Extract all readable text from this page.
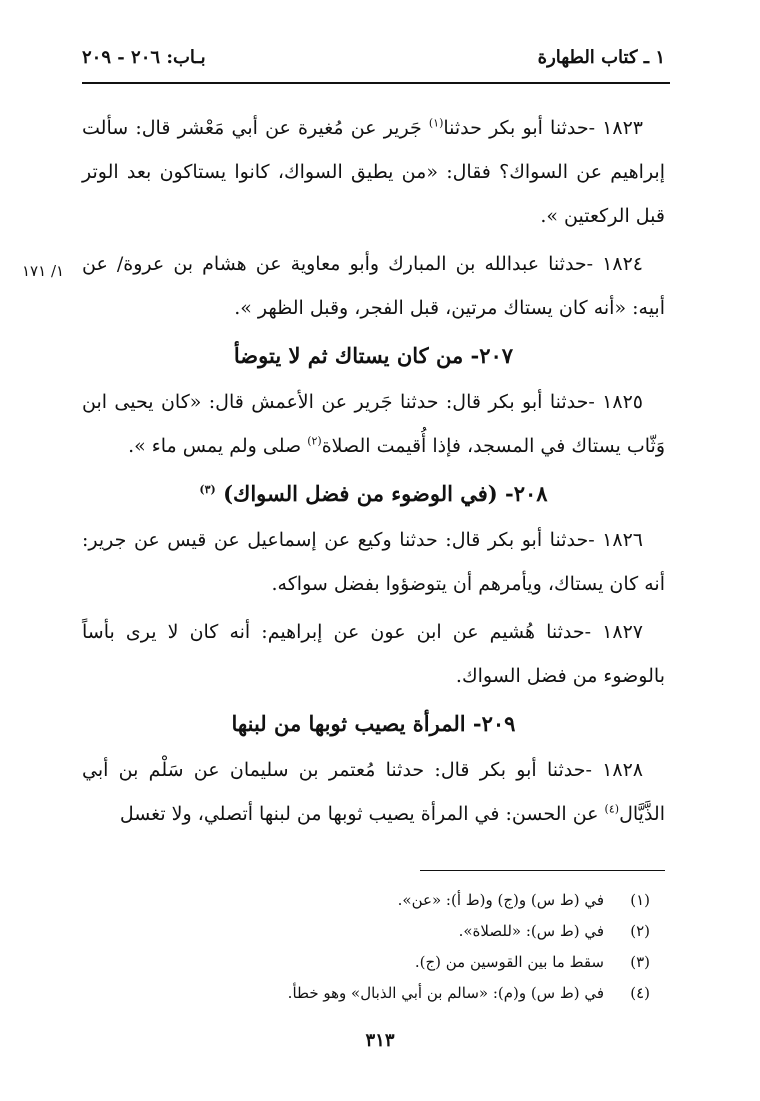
١ ـ كتاب الطهارة
بـاب: ٢٠٦ - ٢٠٩
١/ ١٧١

١٨٢٣ -حدثنا أبو بكر حدثنا$^{(١)}$ جَرير عن مُغيرة عن أبي مَعْشر قال: سألت إبراهيم عن السواك؟ فقال: «من يطيق السواك، كانوا يستاكون بعد الوتر قبل الركعتين ».

١٨٢٤ -حدثنا عبدالله بن المبارك وأبو معاوية عن هشام بن عروة/ عن أبيه: «أنه كان يستاك مرتين، قبل الفجر، وقبل الظهر ».

٢٠٧- من كان يستاك ثم لا يتوضأ

١٨٢٥ -حدثنا أبو بكر قال: حدثنا جَرير عن الأعمش قال: «كان يحيى ابن وَثّاب يستاك في المسجد، فإذا أُقيمت الصلاة$^{(٢)}$ صلى ولم يمس ماء ».

٢٠٨- (في الوضوء من فضل السواك) $^{(٣)}$

١٨٢٦ -حدثنا أبو بكر قال: حدثنا وكيع عن إسماعيل عن قيس عن جرير: أنه كان يستاك، ويأمرهم أن يتوضؤوا بفضل سواكه.

١٨٢٧ -حدثنا هُشيم عن ابن عون عن إبراهيم: أنه كان لا يرى بأساً بالوضوء من فضل السواك.

٢٠٩- المرأة يصيب ثوبها من لبنها

١٨٢٨ -حدثنا أبو بكر قال: حدثنا مُعتمر بن سليمان عن سَلْم بن أبي الذَّيَّال$^{(٤)}$ عن الحسن: في المرأة يصيب ثوبها من لبنها أتصلي، ولا تغسل

(١)
في (ط س) و(ج) و(ط أ): «عن».
(٢)
في (ط س): «للصلاة».
(٣)
سقط ما بين القوسين من (ج).
(٤)
في (ط س) و(م): «سالم بن أبي الذبال» وهو خطأ.
٣١٣
